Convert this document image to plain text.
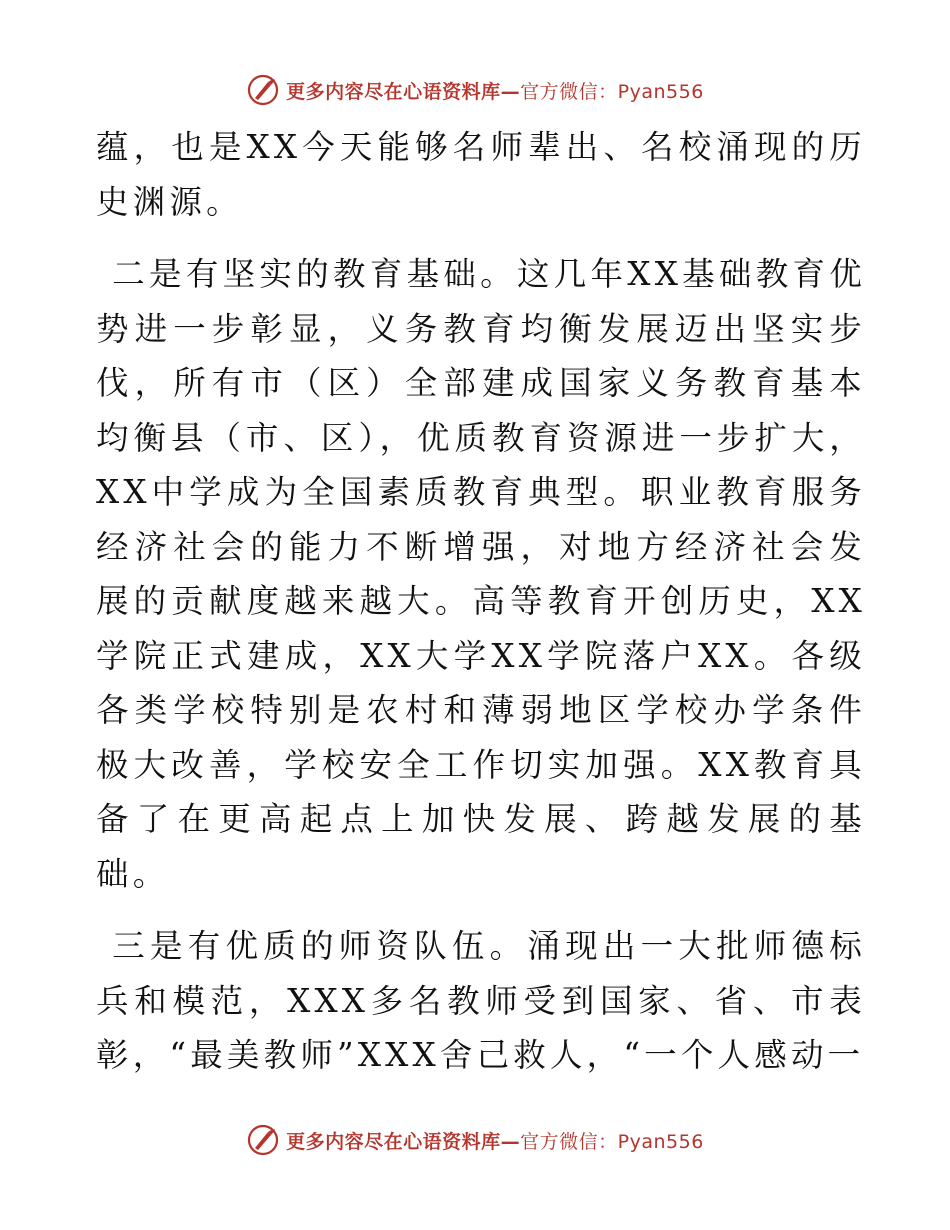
更多内容尽在心语资料库—官方微信：Pyan556

蕴，也是XX今天能够名师辈出、名校涌现的历史渊源。

二是有坚实的教育基础。这几年XX基础教育优势进一步彰显，义务教育均衡发展迈出坚实步伐，所有市（区）全部建成国家义务教育基本均衡县（市、区），优质教育资源进一步扩大，XX中学成为全国素质教育典型。职业教育服务经济社会的能力不断增强，对地方经济社会发展的贡献度越来越大。高等教育开创历史，XX学院正式建成，XX大学XX学院落户XX。各级各类学校特别是农村和薄弱地区学校办学条件极大改善，学校安全工作切实加强。XX教育具备了在更高起点上加快发展、跨越发展的基础。

三是有优质的师资队伍。涌现出一大批师德标兵和模范，XXX多名教师受到国家、省、市表彰，“最美教师”XXX舍己救人，“一个人感动一

更多内容尽在心语资料库—官方微信：Pyan556
